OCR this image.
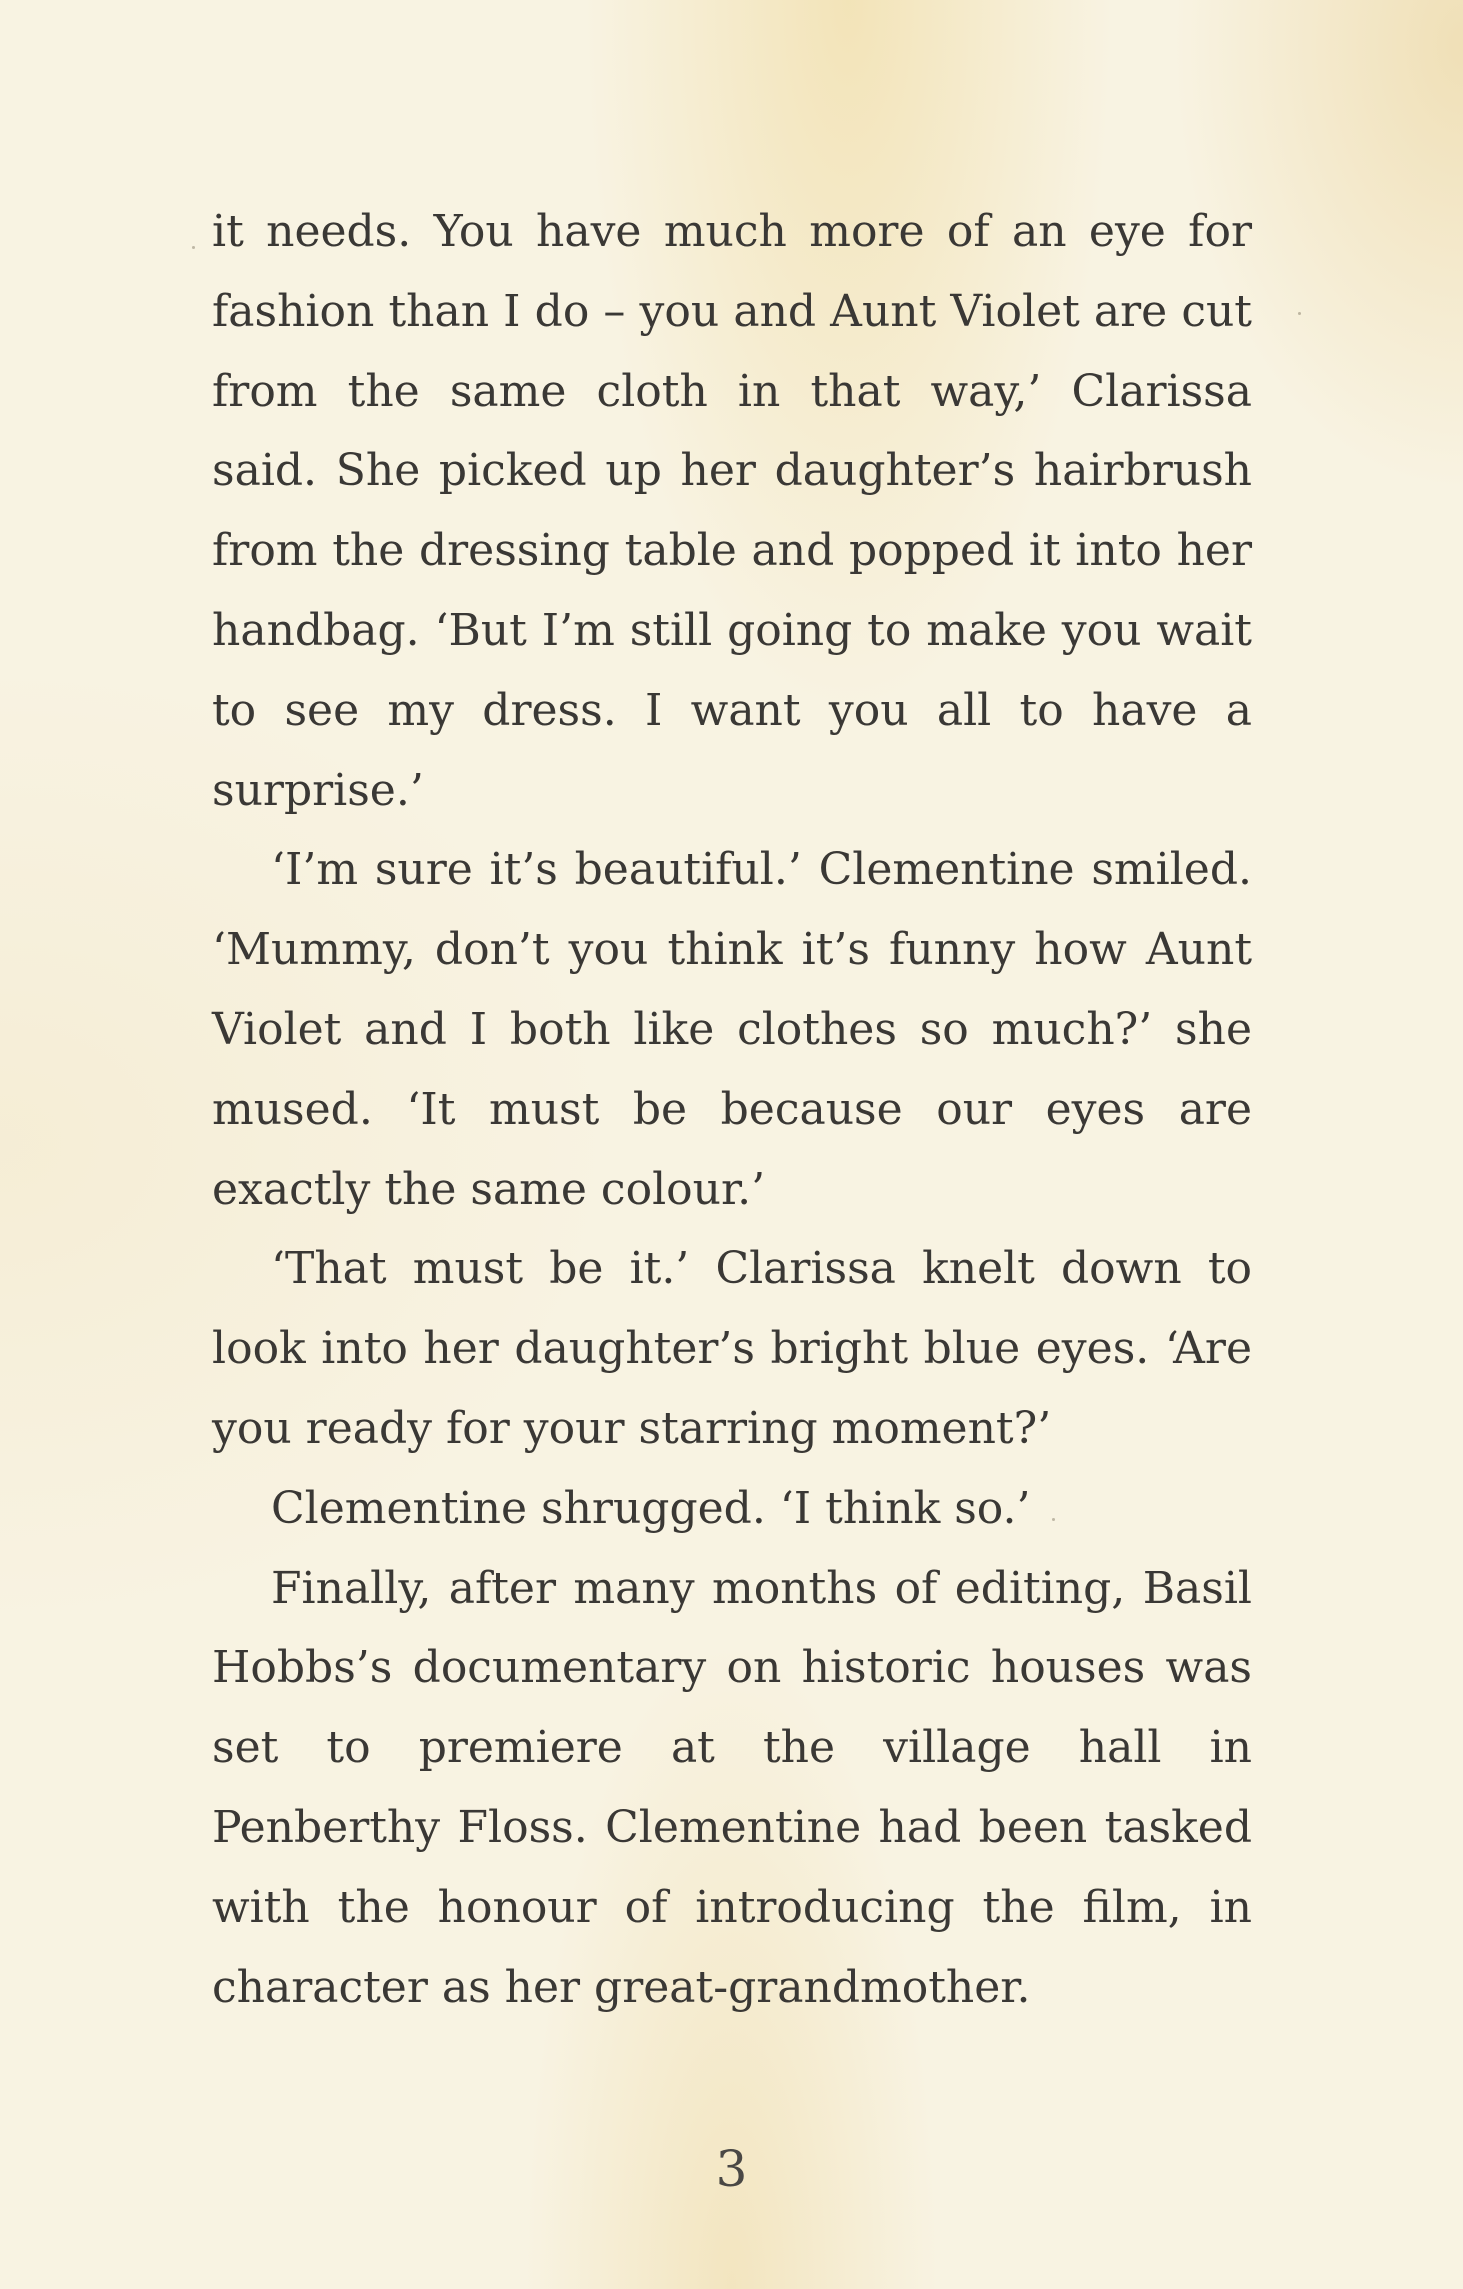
it needs. You have much more of an eye for fashion than I do – you and Aunt Violet are cut from the same cloth in that way,’ Clarissa said. She picked up her daughter’s hairbrush from the dressing table and popped it into her handbag. ‘But I’m still going to make you wait to see my dress. I want you all to have a surprise.’

‘I’m sure it’s beautiful.’ Clementine smiled. ‘Mummy, don’t you think it’s funny how Aunt Violet and I both like clothes so much?’ she mused. ‘It must be because our eyes are exactly the same colour.’

‘That must be it.’ Clarissa knelt down to look into her daughter’s bright blue eyes. ‘Are you ready for your starring moment?’

Clementine shrugged. ‘I think so.’

Finally, after many months of editing, Basil Hobbs’s documentary on historic houses was set to premiere at the village hall in Penberthy Floss. Clementine had been tasked with the honour of introducing the film, in character as her great-grandmother.

3
